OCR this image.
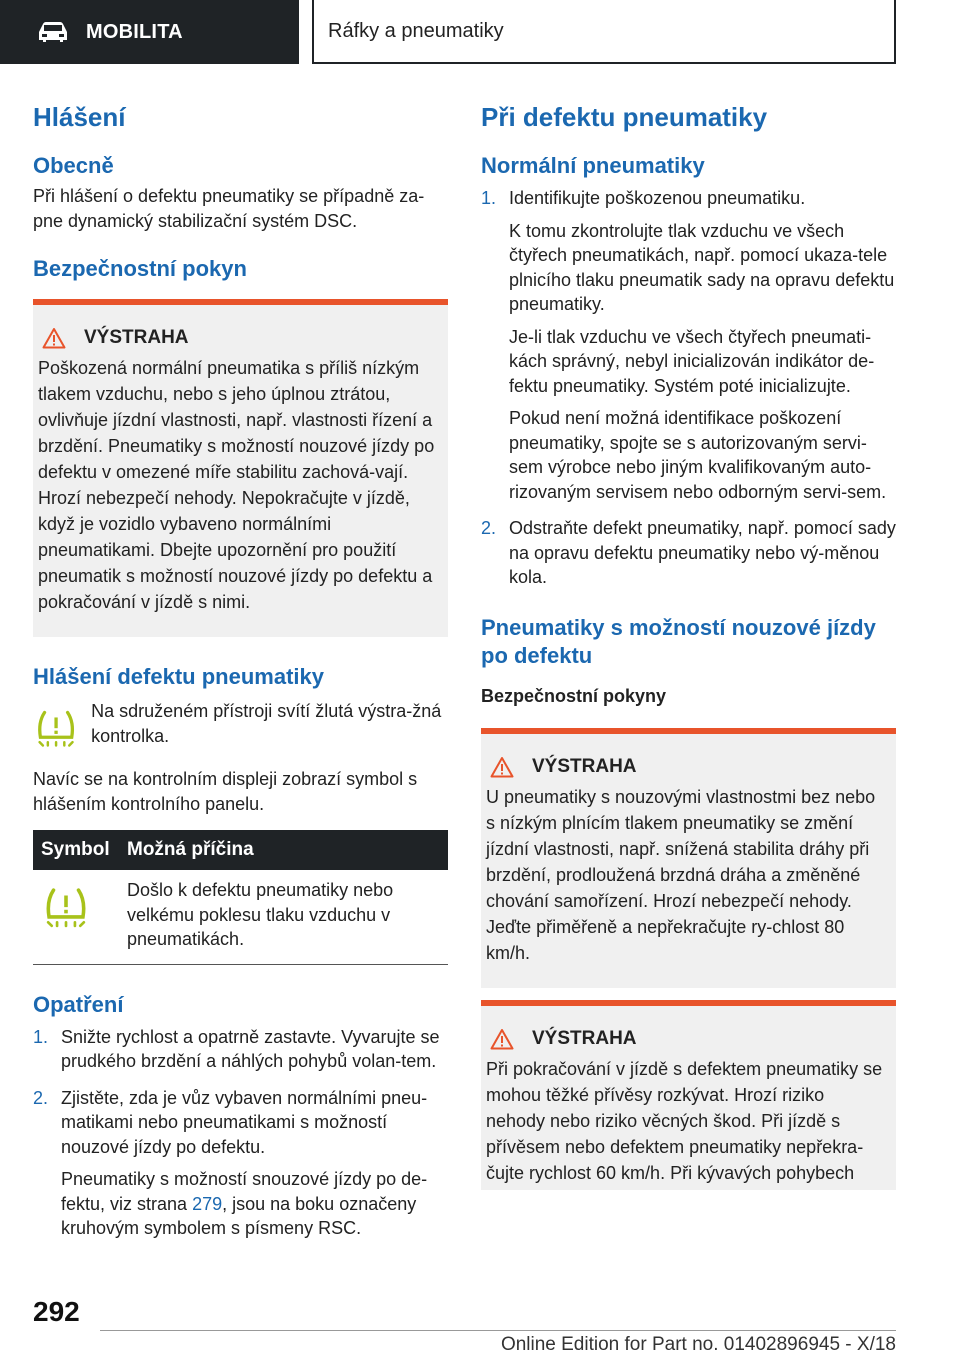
MOBILITA	Ráfky a pneumatiky
Hlášení
Obecně

Při hlášení o defektu pneumatiky se případně za-pne dynamický stabilizační systém DSC.

Bezpečnostní pokyn
VÝSTRAHA

Poškozená normální pneumatika s příliš nízkým tlakem vzduchu, nebo s jeho úplnou ztrátou, ovlivňuje jízdní vlastnosti, např. vlastnosti řízení a brzdění. Pneumatiky s možností nouzové jízdy po defektu v omezené míře stabilitu zachová-vají. Hrozí nebezpečí nehody. Nepokračujte v jízdě, když je vozidlo vybaveno normálními pneumatikami. Dbejte upozornění pro použití pneumatik s možností nouzové jízdy po defektu a pokračování v jízdě s nimi.

Hlášení defektu pneumatiky

Na sdruženém přístroji svítí žlutá výstra-žná kontrolka.

Navíc se na kontrolním displeji zobrazí symbol s hlášením kontrolního panelu.

Symbol	Možná příčina
	Došlo k defektu pneumatiky nebo velkému poklesu tlaku vzduchu v pneumatikách.
Opatření
1. Snižte rychlost a opatrně zastavte. Vyvarujte se prudkého brzdění a náhlých pohybů volan-tem.

2. Zjistěte, zda je vůz vybaven normálními pneu-matikami nebo pneumatikami s možností nouzové jízdy po defektu.

Pneumatiky s možností snouzové jízdy po de-fektu, viz strana 279, jsou na boku označeny kruhovým symbolem s písmeny RSC.

Při defektu pneumatiky
Normální pneumatiky
1. Identifikujte poškozenou pneumatiku.

K tomu zkontrolujte tlak vzduchu ve všech čtyřech pneumatikách, např. pomocí ukaza-tele plnicího tlaku pneumatik sady na opravu defektu pneumatiky.

Je-li tlak vzduchu ve všech čtyřech pneumati-kách správný, nebyl inicializován indikátor de-fektu pneumatiky. Systém poté inicializujte.

Pokud není možná identifikace poškození pneumatiky, spojte se s autorizovaným servi-sem výrobce nebo jiným kvalifikovaným auto-rizovaným servisem nebo odborným servi-sem.

2. Odstraňte defekt pneumatiky, např. pomocí sady na opravu defektu pneumatiky nebo vý-měnou kola.

Pneumatiky s možností nouzové jízdy po defektu
Bezpečnostní pokyny
VÝSTRAHA

U pneumatiky s nouzovými vlastnostmi bez nebo s nízkým plnícím tlakem pneumatiky se změní jízdní vlastnosti, např. snížená stabilita dráhy při brzdění, prodloužená brzdná dráha a změněné chování samořízení. Hrozí nebezpečí nehody. Jeďte přiměřeně a nepřekračujte ry-chlost 80 km/h.

VÝSTRAHA

Při pokračování v jízdě s defektem pneumatiky se mohou těžké přívěsy rozkývat. Hrozí riziko nehody nebo riziko věcných škod. Při jízdě s přívěsem nebo defektem pneumatiky nepřekra-čujte rychlost 60 km/h. Při kývavých pohybech

292
Online Edition for Part no. 01402896945 - X/18
